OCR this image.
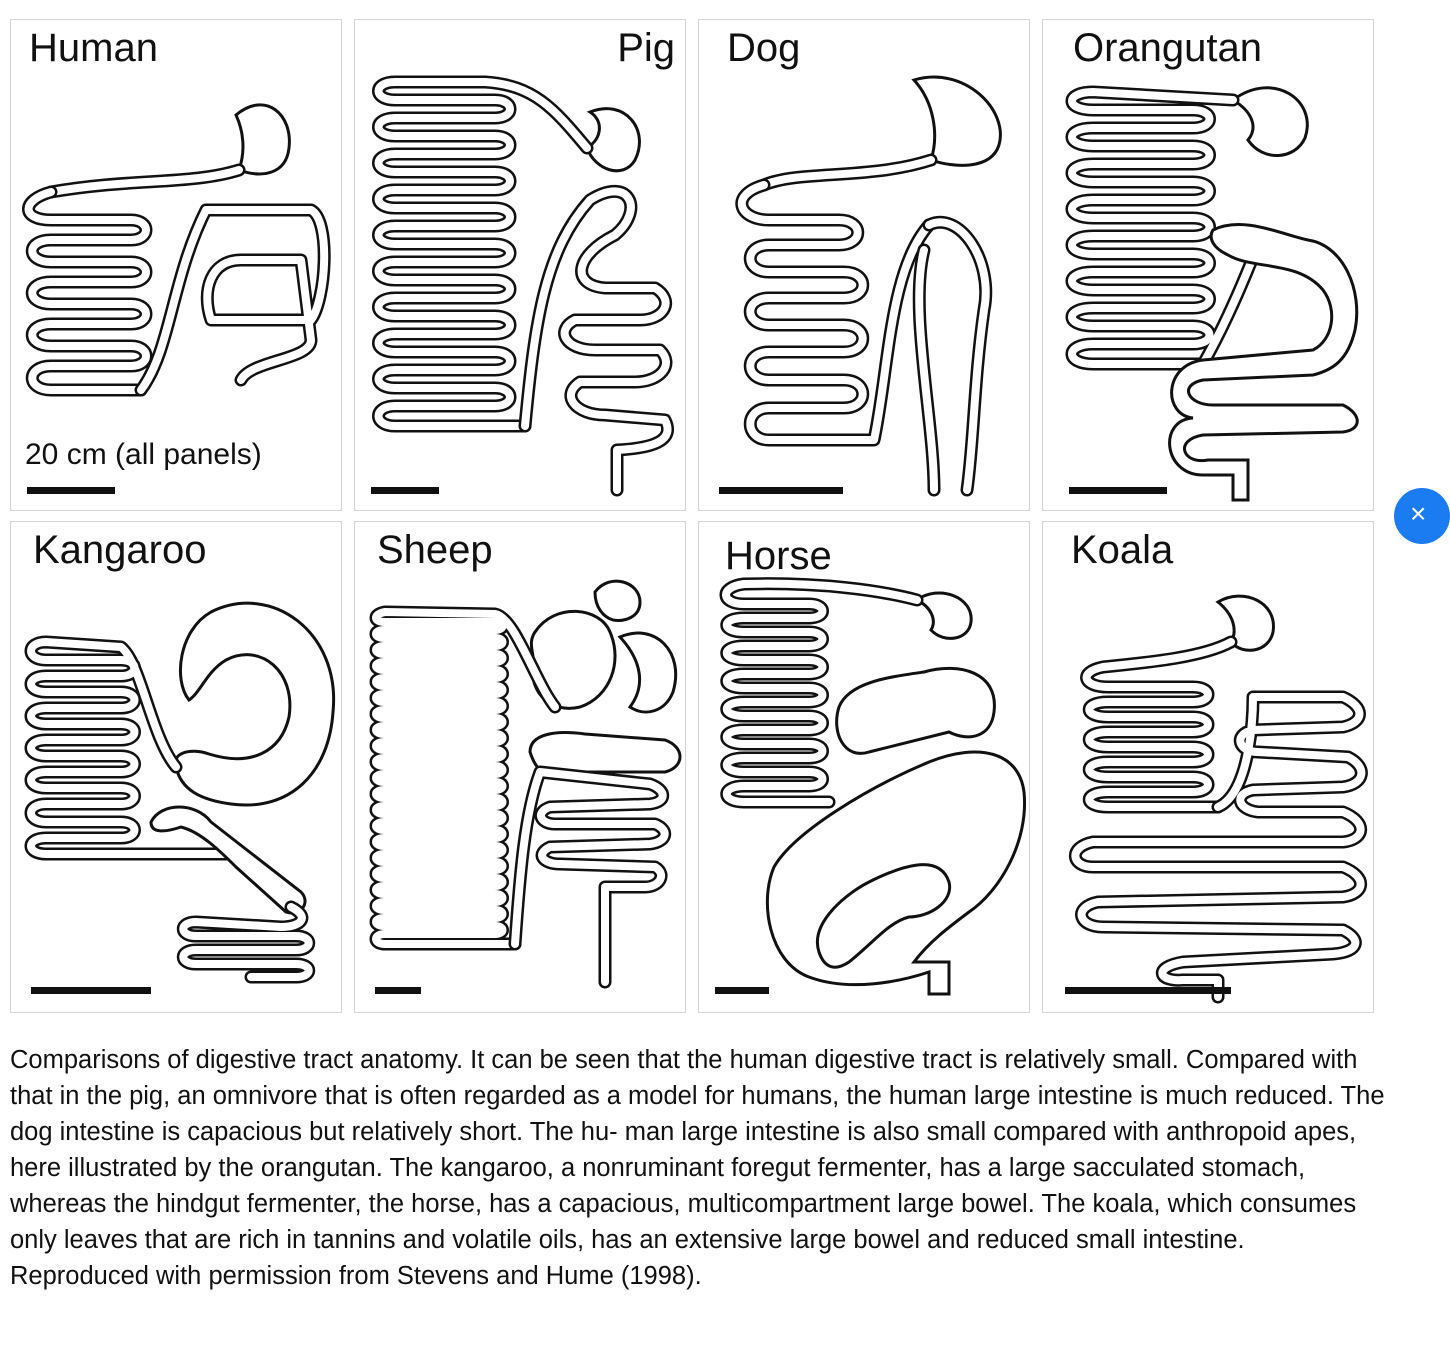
Human
20 cm (all panels)
Pig Dog	Orangutan
Kangaroo	Sheep	Horse	Koala

Comparisons of digestive tract anatomy. It can be seen that the human digestive tract is relatively small. Compared with that in the pig, an omnivore that is often regarded as a model for humans, the human large intestine is much reduced. The dog intestine is capacious but relatively short. The hu- man large intestine is also small compared with anthropoid apes, here illustrated by the orangutan. The kangaroo, a nonruminant foregut fermenter, has a large sacculated stomach, whereas the hindgut fermenter, the horse, has a capacious, multicompartment large bowel. The koala, which consumes only leaves that are rich in tannins and volatile oils, has an extensive large bowel and reduced small intestine. Reproduced with permission from Stevens and Hume (1998).

×
